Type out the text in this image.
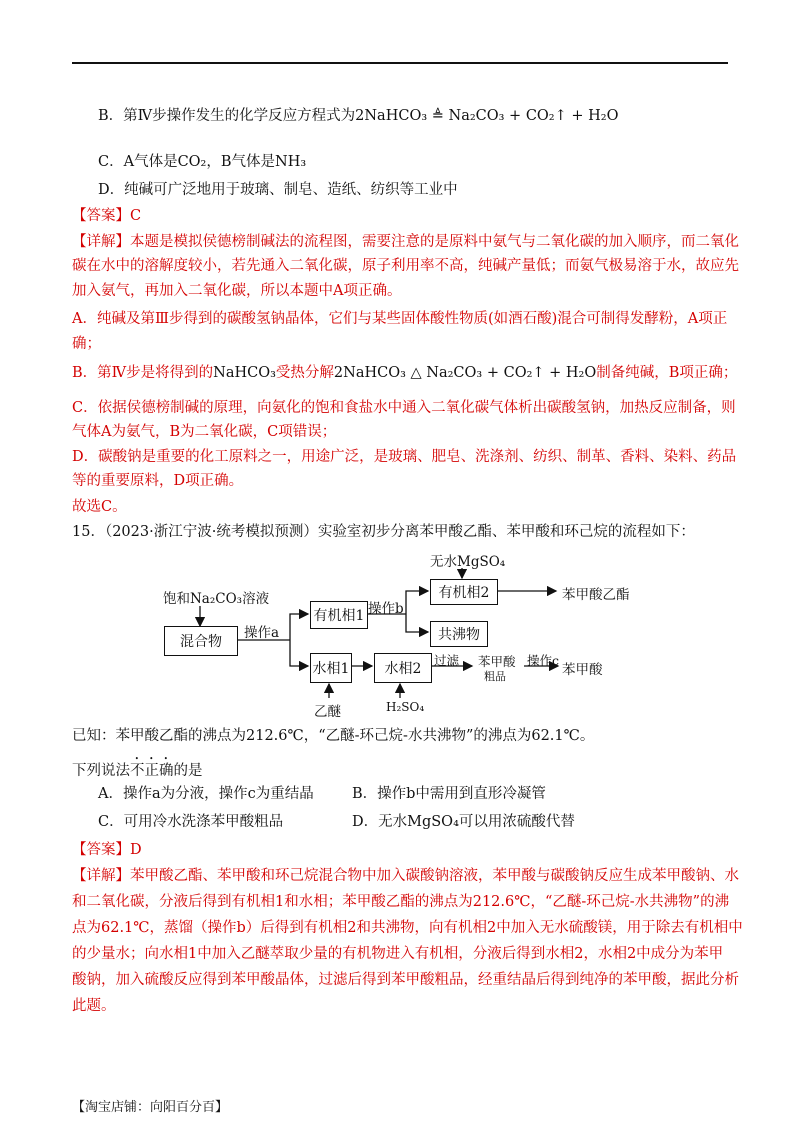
B．第Ⅳ步操作发生的化学反应方程式为2NaHCO₃ ≜ Na₂CO₃ + CO₂↑ + H₂O
C．A气体是CO₂，B气体是NH₃
D．纯碱可广泛地用于玻璃、制皂、造纸、纺织等工业中
【答案】C
【详解】本题是模拟侯德榜制碱法的流程图，需要注意的是原料中氨气与二氧化碳的加入顺序，而二氧化
碳在水中的溶解度较小，若先通入二氧化碳，原子利用率不高，纯碱产量低；而氨气极易溶于水，故应先
加入氨气，再加入二氧化碳，所以本题中A项正确。
A．纯碱及第Ⅲ步得到的碳酸氢钠晶体，它们与某些固体酸性物质(如酒石酸)混合可制得发酵粉，A项正
确；
B．第Ⅳ步是将得到的NaHCO₃受热分解2NaHCO₃ △ Na₂CO₃ + CO₂↑ + H₂O制备纯碱，B项正确；
C．依据侯德榜制碱的原理，向氨化的饱和食盐水中通入二氧化碳气体析出碳酸氢钠，加热反应制备，则
气体A为氨气，B为二氧化碳，C项错误；
D．碳酸钠是重要的化工原料之一，用途广泛，是玻璃、肥皂、洗涤剂、纺织、制革、香料、染料、药品
等的重要原料，D项正确。
故选C。
15．（2023·浙江宁波·统考模拟预测）实验室初步分离苯甲酸乙酯、苯甲酸和环己烷的流程如下：
混合物
有机相1
有机相2
共沸物
水相1	水相2
饱和Na₂CO₃溶液
无水MgSO₄
操作a
操作b
苯甲酸乙酯
过滤 苯甲酸
粗品
操作c
苯甲酸
乙醚	H₂SO₄
已知：苯甲酸乙酯的沸点为212.6℃，“乙醚-环己烷-水共沸物”的沸点为62.1℃。
下列说法不正确的是
A．操作a为分液，操作c为重结晶	B．操作b中需用到直形冷凝管
C．可用冷水洗涤苯甲酸粗品	D．无水MgSO₄可以用浓硫酸代替
【答案】D
【详解】苯甲酸乙酯、苯甲酸和环己烷混合物中加入碳酸钠溶液，苯甲酸与碳酸钠反应生成苯甲酸钠、水
和二氧化碳，分液后得到有机相1和水相；苯甲酸乙酯的沸点为212.6℃，“乙醚-环己烷-水共沸物”的沸
点为62.1℃，蒸馏（操作b）后得到有机相2和共沸物，向有机相2中加入无水硫酸镁，用于除去有机相中
的少量水；向水相1中加入乙醚萃取少量的有机物进入有机相，分液后得到水相2，水相2中成分为苯甲
酸钠，加入硫酸反应得到苯甲酸晶体，过滤后得到苯甲酸粗品，经重结晶后得到纯净的苯甲酸，据此分析
此题。
【淘宝店铺：向阳百分百】
